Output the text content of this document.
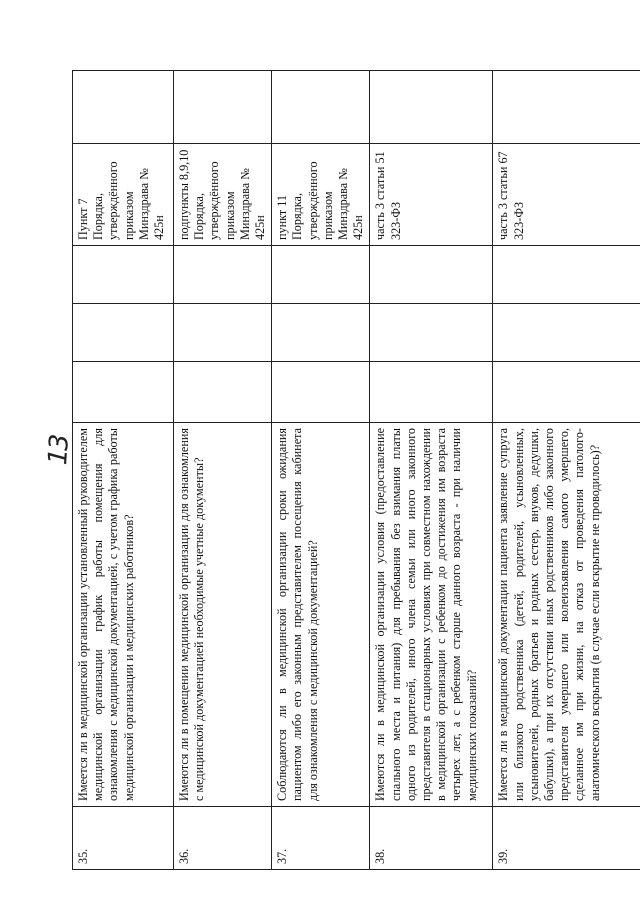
13
35.	Имеется ли в медицинской организации установленный руководителем медицинской организации график работы помещения для ознакомления с медицинской документацией, с учетом графика работы медицинской организации и медицинских работников?				Пункт 7 Порядка, утверждённого приказом Минздрава № 425н	
36.	Имеются ли в помещении медицинской организации для ознакомления с медицинской документацией необходимые учетные документы?				подпункты 8,9,10 Порядка, утверждённого приказом Минздрава № 425н	
37.	Соблюдаются ли в медицинской организации сроки ожидания пациентом либо его законным представителем посещения кабинета для ознакомления с медицинской документацией?				пункт 11 Порядка, утверждённого приказом Минздрава № 425н	
38.	Имеются ли в медицинской организации условия (предоставление спального места и питания) для пребывания без взимания платы одного из родителей, иного члена семьи или иного законного представителя в стационарных условиях при совместном нахождении в медицинской организации с ребенком до достижения им возраста четырех лет, а с ребенком старше данного возраста - при наличии медицинских показаний?				часть 3 статьи 51 323-ФЗ	
39.	Имеется ли в медицинской документации пациента заявление супруга или близкого родственника (детей, родителей, усыновленных, усыновителей, родных братьев и родных сестер, внуков, дедушки, бабушки), а при их отсутствии иных родственников либо законного представителя умершего или волеизъявления самого умершего, сделанное им при жизни, на отказ от проведения патолого-анатомического вскрытия (в случае если вскрытие не проводилось)?				часть 3 статьи 67 323-ФЗ	
